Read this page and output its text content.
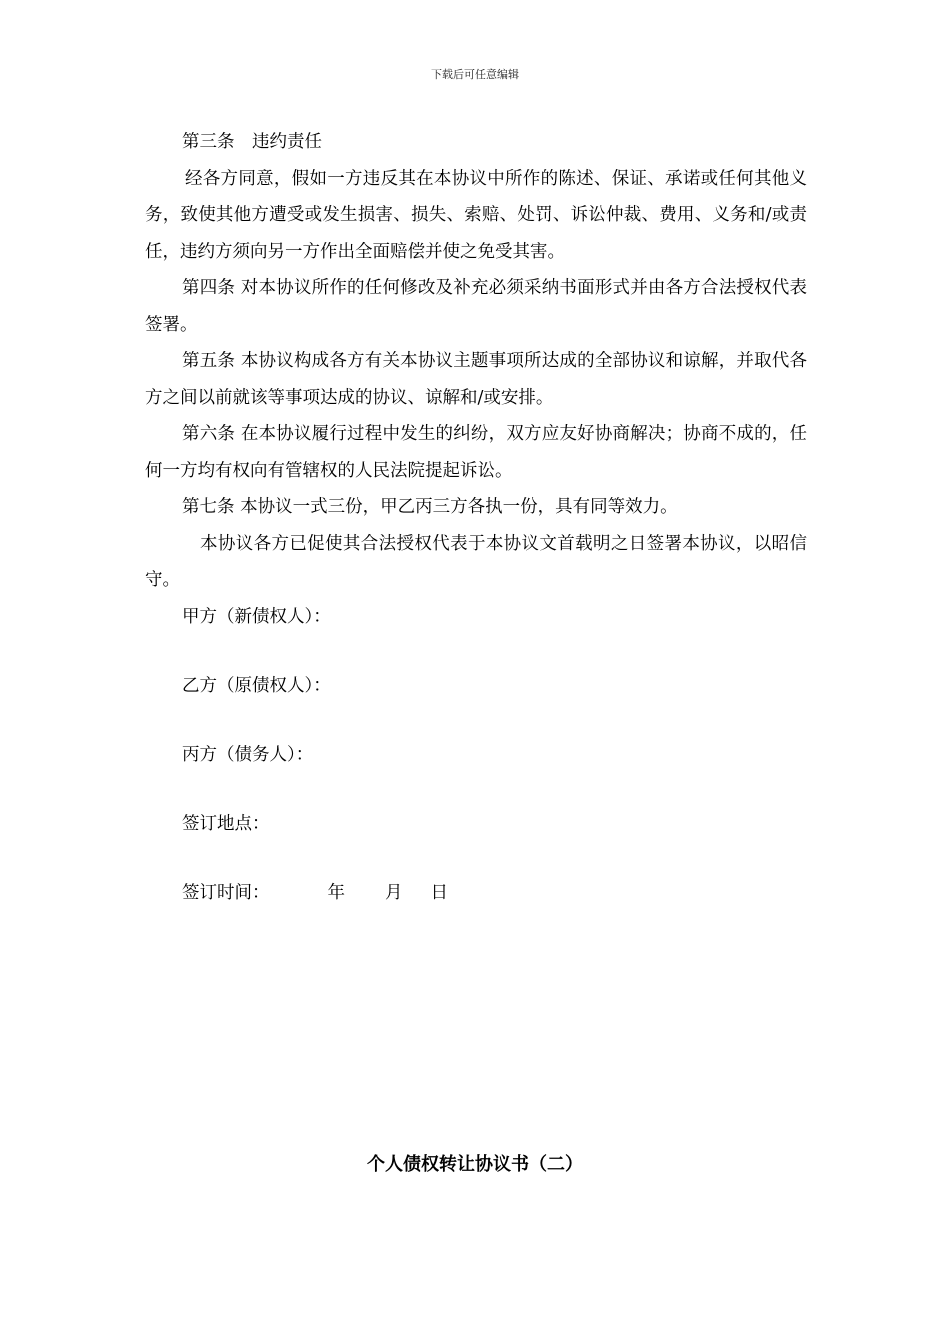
下载后可任意编辑

第三条　违约责任

经各方同意，假如一方违反其在本协议中所作的陈述、保证、承诺或任何其他义务，致使其他方遭受或发生损害、损失、索赔、处罚、诉讼仲裁、费用、义务和/或责任，违约方须向另一方作出全面赔偿并使之免受其害。

第四条 对本协议所作的任何修改及补充必须采纳书面形式并由各方合法授权代表签署。

第五条 本协议构成各方有关本协议主题事项所达成的全部协议和谅解，并取代各方之间以前就该等事项达成的协议、谅解和/或安排。

第六条 在本协议履行过程中发生的纠纷，双方应友好协商解决；协商不成的，任何一方均有权向有管辖权的人民法院提起诉讼。

第七条 本协议一式三份，甲乙丙三方各执一份，具有同等效力。

本协议各方已促使其合法授权代表于本协议文首载明之日签署本协议，以昭信守。

甲方（新债权人）：

乙方（原债权人）：

丙方（债务人）：

签订地点：

签订时间：	年 月 日

个人债权转让协议书（二）
